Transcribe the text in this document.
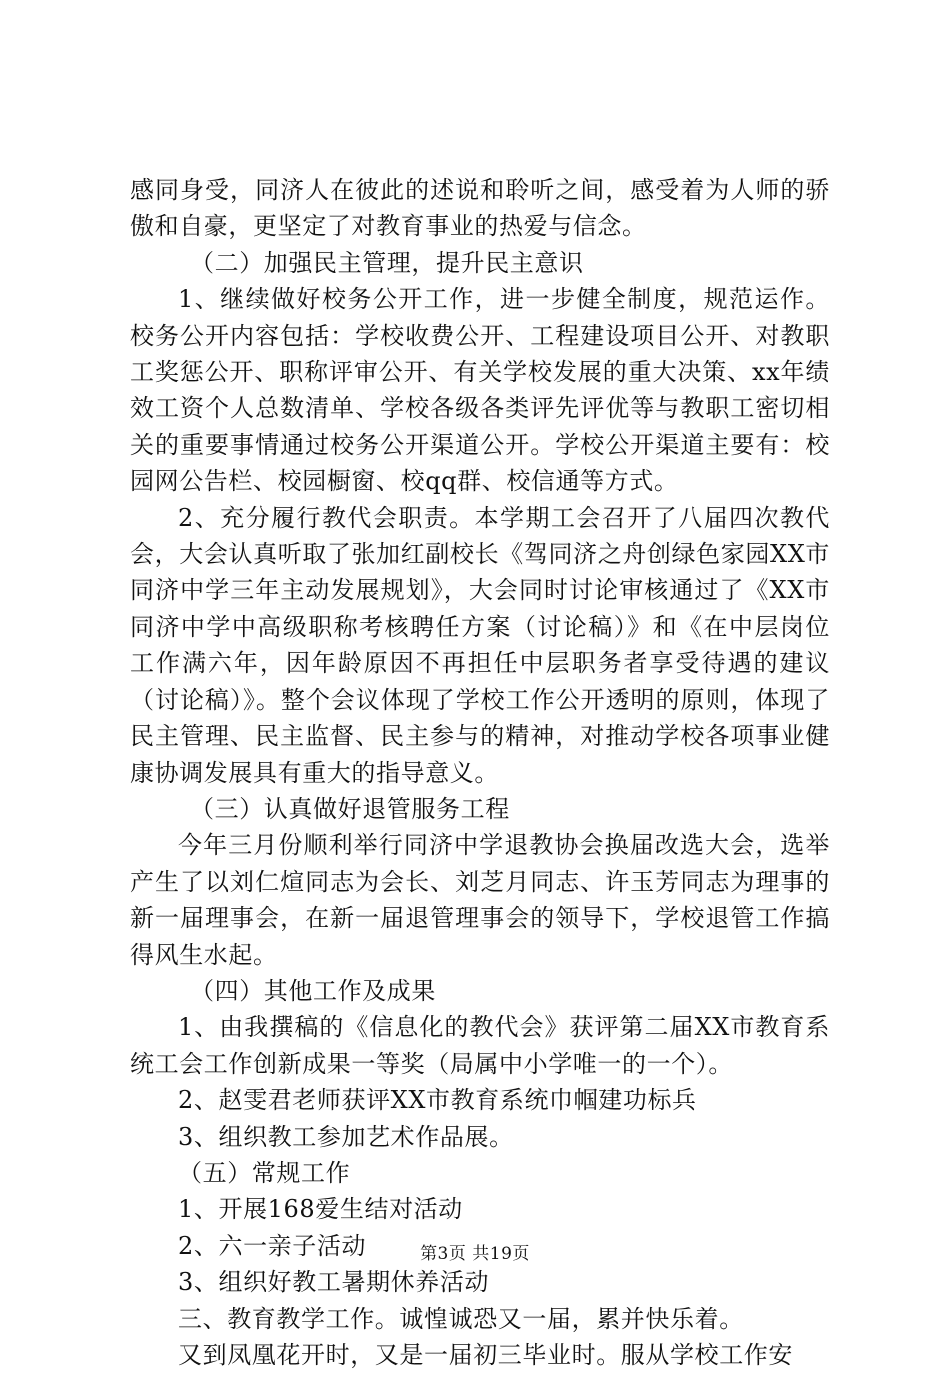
感同身受，同济人在彼此的述说和聆听之间，感受着为人师的骄傲和自豪，更坚定了对教育事业的热爱与信念。

（二）加强民主管理，提升民主意识

1、继续做好校务公开工作，进一步健全制度，规范运作。校务公开内容包括：学校收费公开、工程建设项目公开、对教职工奖惩公开、职称评审公开、有关学校发展的重大决策、xx年绩效工资个人总数清单、学校各级各类评先评优等与教职工密切相关的重要事情通过校务公开渠道公开。学校公开渠道主要有：校园网公告栏、校园橱窗、校qq群、校信通等方式。

2、充分履行教代会职责。本学期工会召开了八届四次教代会，大会认真听取了张加红副校长《驾同济之舟创绿色家园XX市同济中学三年主动发展规划》，大会同时讨论审核通过了《XX市同济中学中高级职称考核聘任方案（讨论稿）》和《在中层岗位工作满六年，因年龄原因不再担任中层职务者享受待遇的建议（讨论稿）》。整个会议体现了学校工作公开透明的原则，体现了民主管理、民主监督、民主参与的精神，对推动学校各项事业健康协调发展具有重大的指导意义。

（三）认真做好退管服务工程

今年三月份顺利举行同济中学退教协会换届改选大会，选举产生了以刘仁煊同志为会长、刘芝月同志、许玉芳同志为理事的新一届理事会，在新一届退管理事会的领导下，学校退管工作搞得风生水起。

（四）其他工作及成果

1、由我撰稿的《信息化的教代会》获评第二届XX市教育系统工会工作创新成果一等奖（局属中小学唯一的一个）。

2、赵雯君老师获评XX市教育系统巾帼建功标兵

3、组织教工参加艺术作品展。

（五）常规工作

1、开展168爱生结对活动

2、六一亲子活动

3、组织好教工暑期休养活动

三、教育教学工作。诚惶诚恐又一届，累并快乐着。

又到凤凰花开时，又是一届初三毕业时。服从学校工作安

第3页 共19页
